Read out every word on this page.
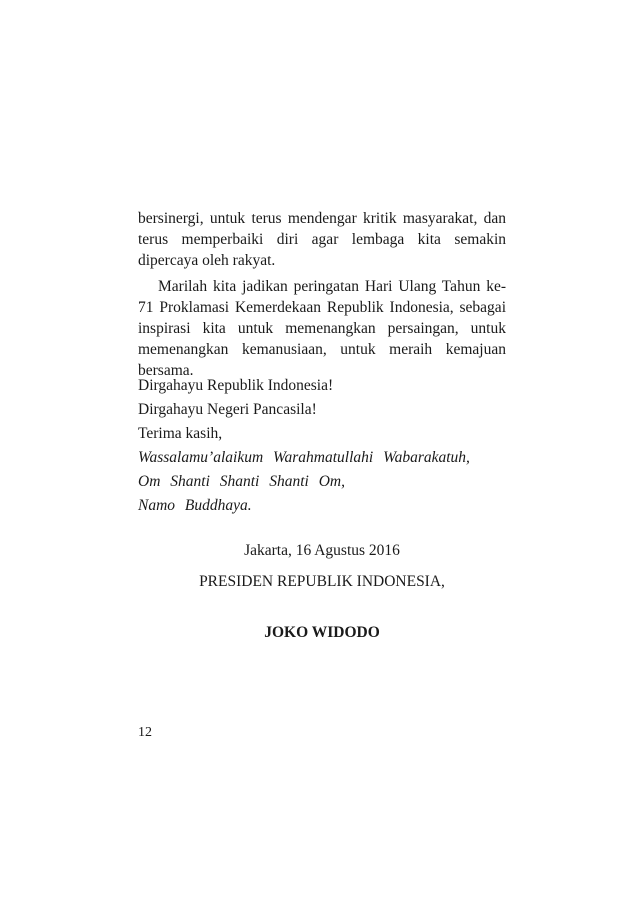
bersinergi, untuk terus mendengar kritik masyarakat, dan terus memperbaiki diri agar lembaga kita semakin dipercaya oleh rakyat.

Marilah kita jadikan peringatan Hari Ulang Tahun ke-71 Proklamasi Kemerdekaan Republik Indonesia, sebagai inspirasi kita untuk memenangkan persaingan, untuk memenangkan kemanusiaan, untuk meraih kemajuan bersama.

Dirgahayu Republik Indonesia!
Dirgahayu Negeri Pancasila!
Terima kasih,
Wassalamu’alaikum Warahmatullahi Wabarakatuh,
Om Shanti Shanti Shanti Om,
Namo Buddhaya.
Jakarta, 16 Agustus 2016
PRESIDEN REPUBLIK INDONESIA,
JOKO WIDODO
12
